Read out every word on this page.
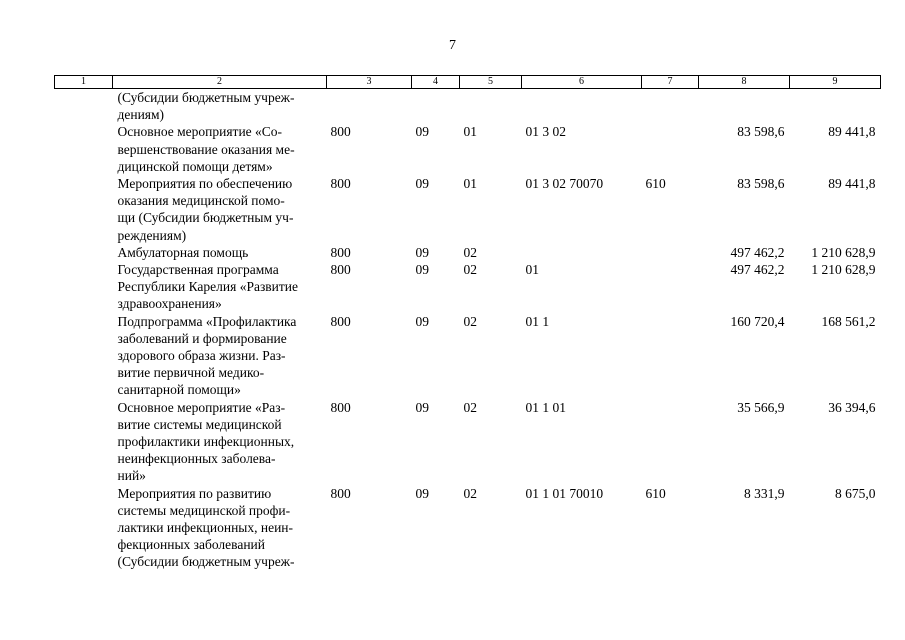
7
1	2	3	4	5	6	7	8	9
	(Субсидии бюджетным учреж-
дениям)							
	Основное мероприятие «Со-
вершенствование оказания ме-
дицинской помощи детям»	800	09	01	01 3 02		83 598,6	89 441,8
	Мероприятия по обеспечению
оказания медицинской помо-
щи (Субсидии бюджетным уч-
реждениям)	800	09	01	01 3 02 70070	610	83 598,6	89 441,8
	Амбулаторная помощь	800	09	02			497 462,2	1 210 628,9
	Государственная программа
Республики Карелия «Развитие
здравоохранения»	800	09	02	01		497 462,2	1 210 628,9
	Подпрограмма «Профилактика
заболеваний и формирование
здорового образа жизни. Раз-
витие первичной медико-
санитарной помощи»	800	09	02	01 1		160 720,4	168 561,2
	Основное мероприятие «Раз-
витие системы медицинской
профилактики инфекционных,
неинфекционных заболева-
ний»	800	09	02	01 1 01		35 566,9	36 394,6
	Мероприятия по развитию
системы медицинской профи-
лактики инфекционных, неин-
фекционных заболеваний
(Субсидии бюджетным учреж-	800	09	02	01 1 01 70010	610	8 331,9	8 675,0
